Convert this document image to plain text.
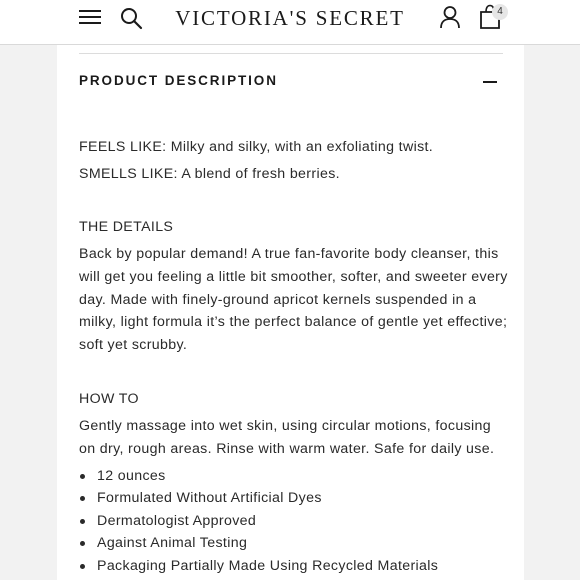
VICTORIA'S SECRET	4
PRODUCT DESCRIPTION

FEELS LIKE: Milky and silky, with an exfoliating twist.

SMELLS LIKE: A blend of fresh berries.

THE DETAILS

Back by popular demand! A true fan-favorite body cleanser, this will get you feeling a little bit smoother, softer, and sweeter every day. Made with finely-ground apricot kernels suspended in a milky, light formula it’s the perfect balance of gentle yet effective; soft yet scrubby.

HOW TO

Gently massage into wet skin, using circular motions, focusing on dry, rough areas. Rinse with warm water. Safe for daily use.

12 ounces
Formulated Without Artificial Dyes
Dermatologist Approved
Against Animal Testing
Packaging Partially Made Using Recycled Materials
